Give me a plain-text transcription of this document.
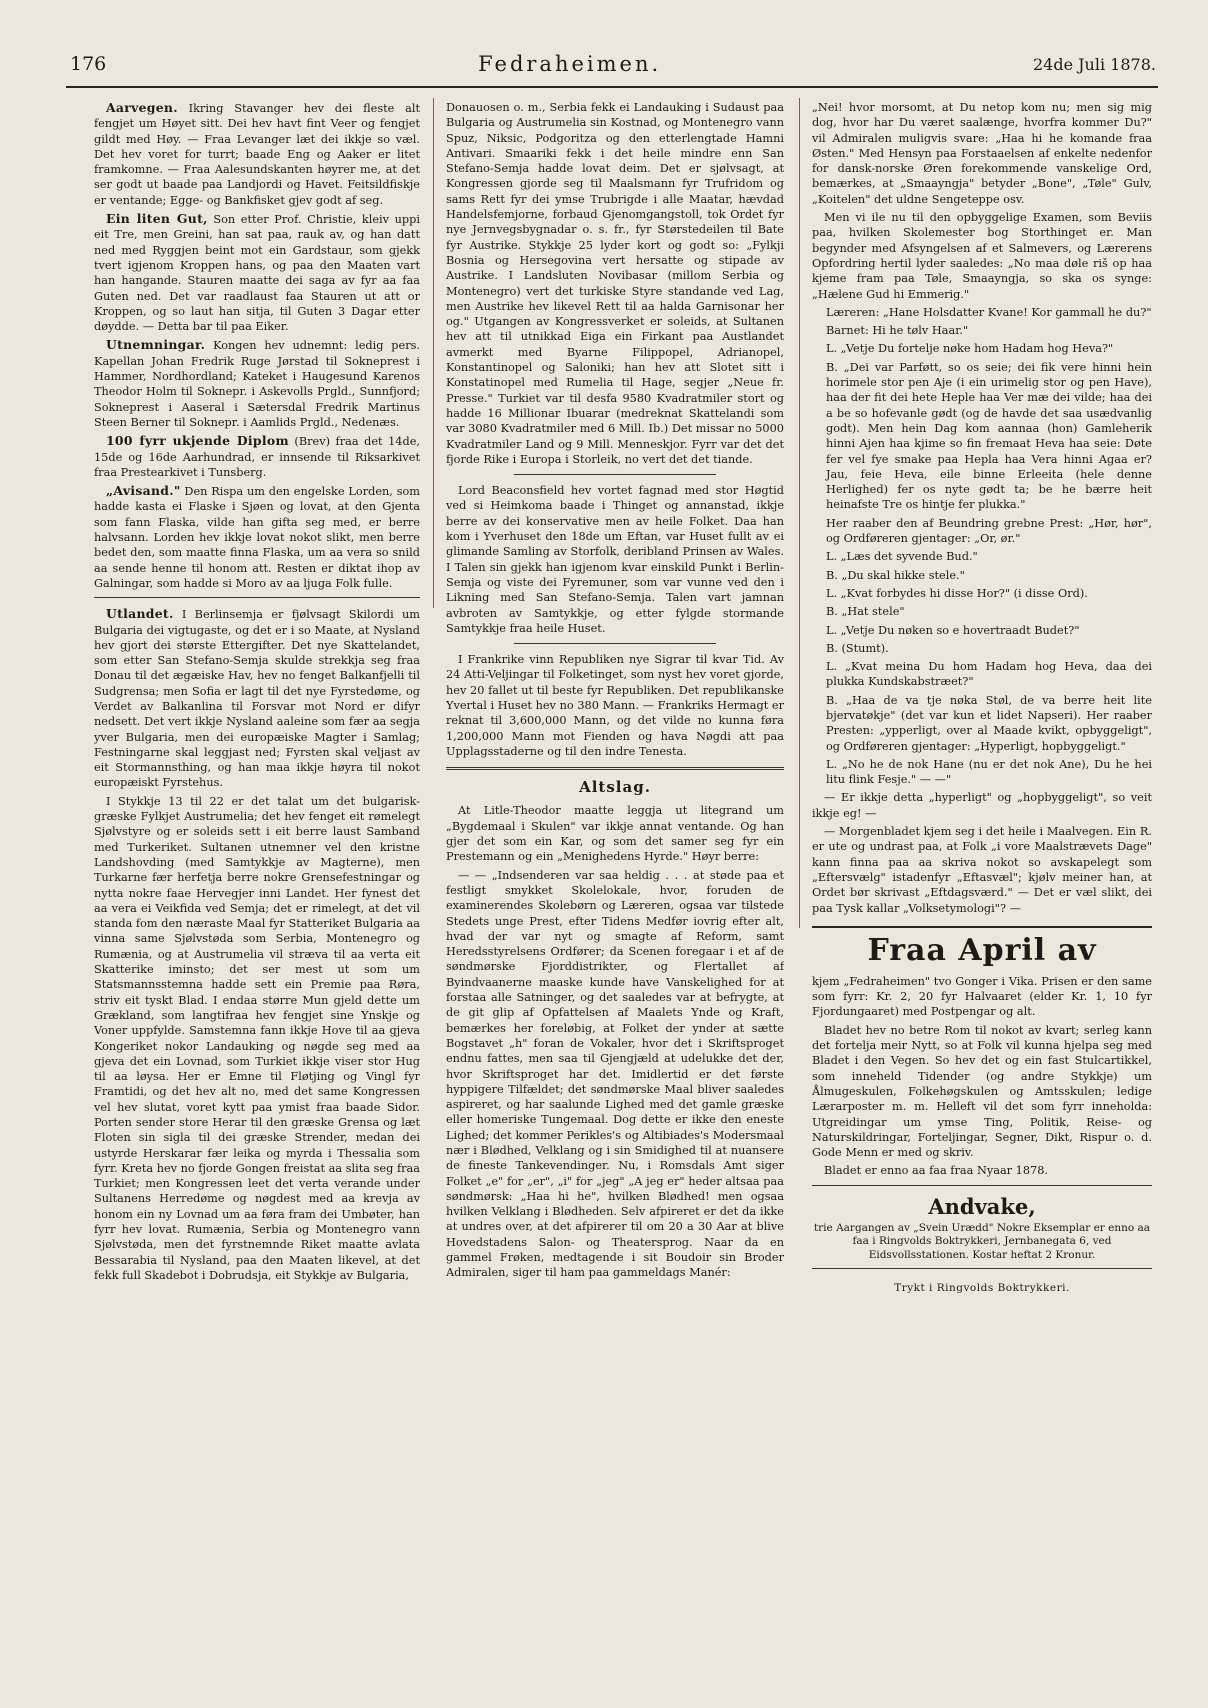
176	Fedraheimen.	24de Juli 1878.

Aarvegen. Ikring Stavanger hev dei fleste alt fengjet um Høyet sitt. Dei hev havt fint Veer og fengjet gildt med Høy. — Fraa Levanger læt dei ikkje so væl. Det hev voret for turrt; baade Eng og Aaker er litet framkomne. — Fraa Aalesundskanten høyrer me, at det ser godt ut baade paa Landjordi og Havet. Feitsildfiskje er ventande; Egge- og Bankfisket gjev godt af seg.

Ein liten Gut, Son etter Prof. Christie, kleiv uppi eit Tre, men Greini, han sat paa, rauk av, og han datt ned med Ryggjen beint mot ein Gardstaur, som gjekk tvert igjenom Kroppen hans, og paa den Maaten vart han hangande. Stauren maatte dei saga av fyr aa faa Guten ned. Det var raadlaust faa Stauren ut att or Kroppen, og so laut han sitja, til Guten 3 Dagar etter døydde. — Detta bar til paa Eiker.

Utnemningar. Kongen hev udnemnt: ledig pers. Kapellan Johan Fredrik Ruge Jørstad til Sokneprest i Hammer, Nordhordland; Kateket i Haugesund Karenos Theodor Holm til Soknepr. i Askevolls Prgld., Sunnfjord; Sokneprest i Aaseral i Sætersdal Fredrik Martinus Steen Berner til Soknepr. i Aamlids Prgld., Nedenæs.

100 fyrr ukjende Diplom (Brev) fraa det 14de, 15de og 16de Aarhundrad, er innsende til Riksarkivet fraa Prestearkivet i Tunsberg.

„Avisand." Den Rispa um den engelske Lorden, som hadde kasta ei Flaske i Sjøen og lovat, at den Gjenta som fann Flaska, vilde han gifta seg med, er berre halvsann. Lorden hev ikkje lovat nokot slikt, men berre bedet den, som maatte finna Flaska, um aa vera so snild aa sende henne til honom att. Resten er diktat ihop av Galningar, som hadde si Moro av aa ljuga Folk fulle.

Utlandet. I Berlinsemja er fjølvsagt Skilordi um Bulgaria dei vigtugaste, og det er i so Maate, at Nysland hev gjort dei største Ettergifter. Det nye Skattelandet, som etter San Stefano-Semja skulde strekkja seg fraa Donau til det ægæiske Hav, hev no fenget Balkanfjelli til Sudgrensa; men Sofia er lagt til det nye Fyrstedøme, og Verdet av Balkanlina til Forsvar mot Nord er difyr nedsett. Det vert ikkje Nysland aaleine som fær aa segja yver Bulgaria, men dei europæiske Magter i Samlag; Festningarne skal leggjast ned; Fyrsten skal veljast av eit Stormannsthing, og han maa ikkje høyra til nokot europæiskt Fyrstehus.

I Stykkje 13 til 22 er det talat um det bulgarisk-græske Fylkjet Austrumelia; det hev fenget eit rømelegt Sjølvstyre og er soleids sett i eit berre laust Samband med Turkeriket. Sultanen utnemner vel den kristne Landshovding (med Samtykkje av Magterne), men Turkarne fær herfetja berre nokre Grensefestningar og nytta nokre faae Hervegjer inni Landet. Her fynest det aa vera ei Veikfida ved Semja; det er rimelegt, at det vil standa fom den næraste Maal fyr Statteriket Bulgaria aa vinna same Sjølvstøda som Serbia, Montenegro og Rumænia, og at Austrumelia vil stræva til aa verta eit Skatterike iminsto; det ser mest ut som um Statsmannsstemna hadde sett ein Premie paa Røra, striv eit tyskt Blad. I endaa større Mun gjeld dette um Grækland, som langtifraa hev fengjet sine Ynskje og Voner uppfylde. Samstemna fann ikkje Hove til aa gjeva Kongeriket nokor Landauking og nøgde seg med aa gjeva det ein Lovnad, som Turkiet ikkje viser stor Hug til aa løysa. Her er Emne til Fløtjing og Vingl fyr Framtidi, og det hev alt no, med det same Kongressen vel hev slutat, voret kytt paa ymist fraa baade Sidor. Porten sender store Herar til den græske Grensa og læt Floten sin sigla til dei græske Strender, medan dei ustyrde Herskarar fær leika og myrda i Thessalia som fyrr. Kreta hev no fjorde Gongen freistat aa slita seg fraa Turkiet; men Kongressen leet det verta verande under Sultanens Herredøme og nøgdest med aa krevja av honom ein ny Lovnad um aa føra fram dei Umbøter, han fyrr hev lovat. Rumænia, Serbia og Montenegro vann Sjølvstøda, men det fyrstnemnde Riket maatte avlata Bessarabia til Nysland, paa den Maaten likevel, at det fekk full Skadebot i Dobrudsja, eit Stykkje av Bulgaria,

Donauosen o. m., Serbia fekk ei Landauking i Sudaust paa Bulgaria og Austrumelia sin Kostnad, og Montenegro vann Spuz, Niksic, Podgoritza og den etterlengtade Hamni Antivari. Smaariki fekk i det heile mindre enn San Stefano-Semja hadde lovat deim. Det er sjølvsagt, at Kongressen gjorde seg til Maalsmann fyr Trufridom og sams Rett fyr dei ymse Trubrigde i alle Maatar, hævdad Handelsfemjorne, forbaud Gjenomgangstoll, tok Ordet fyr nye Jernvegsbygnadar o. s. fr., fyr Størstedeilen til Bate fyr Austrike. Stykkje 25 lyder kort og godt so: „Fylkji Bosnia og Hersegovina vert hersatte og stipade av Austrike. I Landsluten Novibasar (millom Serbia og Montenegro) vert det turkiske Styre standande ved Lag, men Austrike hev likevel Rett til aa halda Garnisonar her og." Utgangen av Kongressverket er soleids, at Sultanen hev att til utnikkad Eiga ein Firkant paa Austlandet avmerkt med Byarne Filippopel, Adrianopel, Konstantinopel og Saloniki; han hev att Slotet sitt i Konstatinopel med Rumelia til Hage, segjer „Neue fr. Presse." Turkiet var til desfa 9580 Kvadratmiler stort og hadde 16 Millionar Ibuarar (medreknat Skattelandi som var 3080 Kvadratmiler med 6 Mill. Ib.) Det missar no 5000 Kvadratmiler Land og 9 Mill. Menneskjor. Fyrr var det det fjorde Rike i Europa i Storleik, no vert det det tiande.

Lord Beaconsfield hev vortet fagnad med stor Høgtid ved si Heimkoma baade i Thinget og annanstad, ikkje berre av dei konservative men av heile Folket. Daa han kom i Yverhuset den 18de um Eftan, var Huset fullt av ei glimande Samling av Storfolk, deribland Prinsen av Wales. I Talen sin gjekk han igjenom kvar einskild Punkt i Berlin-Semja og viste dei Fyremuner, som var vunne ved den i Likning med San Stefano-Semja. Talen vart jamnan avbroten av Samtykkje, og etter fylgde stormande Samtykkje fraa heile Huset.

I Frankrike vinn Republiken nye Sigrar til kvar Tid. Av 24 Atti-Veljingar til Folketinget, som nyst hev voret gjorde, hev 20 fallet ut til beste fyr Republiken. Det republikanske Yvertal i Huset hev no 380 Mann. — Frankriks Hermagt er reknat til 3,600,000 Mann, og det vilde no kunna føra 1,200,000 Mann mot Fienden og hava Nøgdi att paa Upplagsstaderne og til den indre Tenesta.

Altslag.

At Litle-Theodor maatte leggja ut litegrand um „Bygdemaal i Skulen" var ikkje annat ventande. Og han gjer det som ein Kar, og som det samer seg fyr ein Prestemann og ein „Menighedens Hyrde." Høyr berre:

— — „Indsenderen var saa heldig . . . at støde paa et festligt smykket Skolelokale, hvor, foruden de examinerendes Skolebørn og Læreren, ogsaa var tilstede Stedets unge Prest, efter Tidens Medfør iovrig efter alt, hvad der var nyt og smagte af Reform, samt Heredsstyrelsens Ordfører; da Scenen foregaar i et af de søndmørske Fjorddistrikter, og Flertallet af Byindvaanerne maaske kunde have Vanskelighed for at forstaa alle Satninger, og det saaledes var at befrygte, at de git glip af Opfattelsen af Maalets Ynde og Kraft, bemærkes her foreløbig, at Folket der ynder at sætte Bogstavet „h" foran de Vokaler, hvor det i Skriftsproget endnu fattes, men saa til Gjengjæld at udelukke det der, hvor Skriftsproget har det. Imidlertid er det første hyppigere Tilfældet; det søndmørske Maal bliver saaledes aspireret, og har saalunde Lighed med det gamle græske eller homeriske Tungemaal. Dog dette er ikke den eneste Lighed; det kommer Perikles's og Altibiades's Modersmaal nær i Blødhed, Velklang og i sin Smidighed til at nuansere de fineste Tankevendinger. Nu, i Romsdals Amt siger Folket „e" for „er", „i" for „jeg" „A jeg er" heder altsaa paa søndmørsk: „Haa hi he", hvilken Blødhed! men ogsaa hvilken Velklang i Blødheden. Selv afpireret er det da ikke at undres over, at det afpirerer til om 20 a 30 Aar at blive Hovedstadens Salon- og Theatersprog. Naar da en gammel Frøken, medtagende i sit Boudoir sin Broder Admiralen, siger til ham paa gammeldags Manér:

„Nei! hvor morsomt, at Du netop kom nu; men sig mig dog, hvor har Du været saalænge, hvorfra kommer Du?" vil Admiralen muligvis svare: „Haa hi he komande fraa Østen." Med Hensyn paa Forstaaelsen af enkelte nedenfor for dansk-norske Øren forekommende vanskelige Ord, bemærkes, at „Smaayngja" betyder „Bone", „Tøle" Gulv, „Koitelen" det uldne Sengeteppe osv.

Men vi ile nu til den opbyggelige Examen, som Beviis paa, hvilken Skolemester bog Storthinget er. Man begynder med Afsyngelsen af et Salmevers, og Lærerens Opfordring hertil lyder saaledes: „No maa døle riš op haa kjeme fram paa Tøle, Smaayngja, so ska os synge: „Hælene Gud hi Emmerig."

Læreren: „Hane Holsdatter Kvane! Kor gammall he du?"

Barnet: Hi he tølv Haar."

L. „Vetje Du fortelje nøke hom Hadam hog Heva?"

B. „Dei var Parføtt, so os seie; dei fik vere hinni hein horimele stor pen Aje (i ein urimelig stor og pen Have), haa der fit dei hete Heple haa Ver mæ dei vilde; haa dei a be so hofevanle gødt (og de havde det saa usædvanlig godt). Men hein Dag kom aannaa (hon) Gamleherik hinni Ajen haa kjime so fin fremaat Heva haa seie: Døte fer vel fye smake paa Hepla haa Vera hinni Agaa er? Jau, feie Heva, eile binne Erleeita (hele denne Herlighed) fer os nyte gødt ta; be he bærre heit heinafste Tre os hintje fer plukka."

Her raaber den af Beundring grebne Prest: „Hør, hør", og Ordføreren gjentager: „Or, ør."

L. „Læs det syvende Bud."

B. „Du skal hikke stele."

L. „Kvat forbydes hi disse Hor?" (i disse Ord).

B. „Hat stele"

L. „Vetje Du nøken so e hovertraadt Budet?"

B. (Stumt).

L. „Kvat meina Du hom Hadam hog Heva, daa dei plukka Kundskabstræet?"

B. „Haa de va tje nøka Støl, de va berre heit lite bjervatøkje" (det var kun et lidet Napseri). Her raaber Presten: „ypperligt, over al Maade kvikt, opbyggeligt", og Ordføreren gjentager: „Hyperligt, hopbyggeligt."

L. „No he de nok Hane (nu er det nok Ane), Du he hei litu flink Fesje." — —"

— Er ikkje detta „hyperligt" og „hopbyggeligt", so veit ikkje eg! —

— Morgenbladet kjem seg i det heile i Maalvegen. Ein R. er ute og undrast paa, at Folk „i vore Maalstrævets Dage" kann finna paa aa skriva nokot so avskapelegt som „Eftersvælg" istadenfyr „Eftasvæl"; kjølv meiner han, at Ordet bør skrivast „Eftdagsværd." — Det er væl slikt, dei paa Tysk kallar „Volksetymologi"? —

Fraa April av

kjem „Fedraheimen" tvo Gonger i Vika. Prisen er den same som fyrr: Kr. 2, 20 fyr Halvaaret (elder Kr. 1, 10 fyr Fjordungaaret) med Postpengar og alt.

Bladet hev no betre Rom til nokot av kvart; serleg kann det fortelja meir Nytt, so at Folk vil kunna hjelpa seg med Bladet i den Vegen. So hev det og ein fast Stulcartikkel, som inneheld Tidender (og andre Stykkje) um Ålmugeskulen, Folkehøgskulen og Amtsskulen; ledige Lærarposter m. m. Helleft vil det som fyrr inneholda: Utgreidingar um ymse Ting, Politik, Reise- og Naturskildringar, Forteljingar, Segner, Dikt, Rispur o. d. Gode Menn er med og skriv.

Bladet er enno aa faa fraa Nyaar 1878.

Andvake,

trie Aargangen av „Svein Urædd" Nokre Eksemplar er enno aa faa i Ringvolds Boktrykkeri, Jernbanegata 6, ved Eidsvollsstationen. Kostar heftat 2 Kronur.

Trykt i Ringvolds Boktrykkeri.
